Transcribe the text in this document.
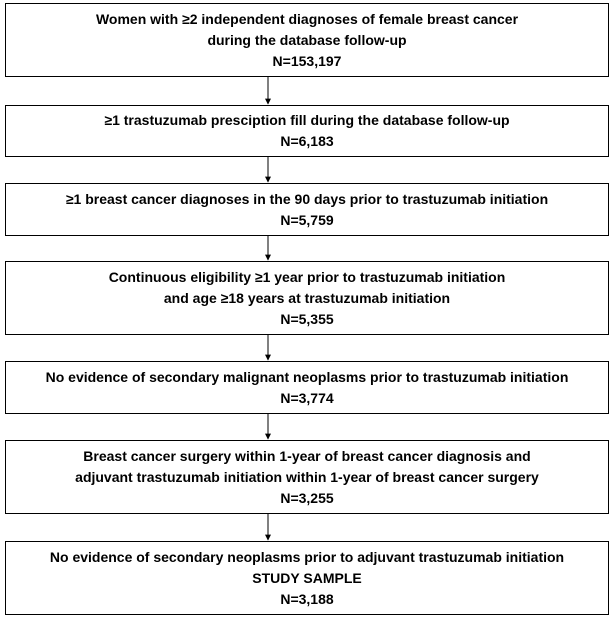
Women with ≥2 independent diagnoses of female breast cancer
during the database follow-up
N=153,197
≥1 trastuzumab presciption fill during the database follow-up
N=6,183
≥1 breast cancer diagnoses in the 90 days prior to trastuzumab initiation
N=5,759
Continuous eligibility ≥1 year prior to trastuzumab initiation
and age ≥18 years at trastuzumab initiation
N=5,355
No evidence of secondary malignant neoplasms prior to trastuzumab initiation
N=3,774
Breast cancer surgery within 1-year of breast cancer diagnosis and
adjuvant trastuzumab initiation within 1-year of breast cancer surgery
N=3,255
No evidence of secondary neoplasms prior to adjuvant trastuzumab initiation
STUDY SAMPLE
N=3,188
